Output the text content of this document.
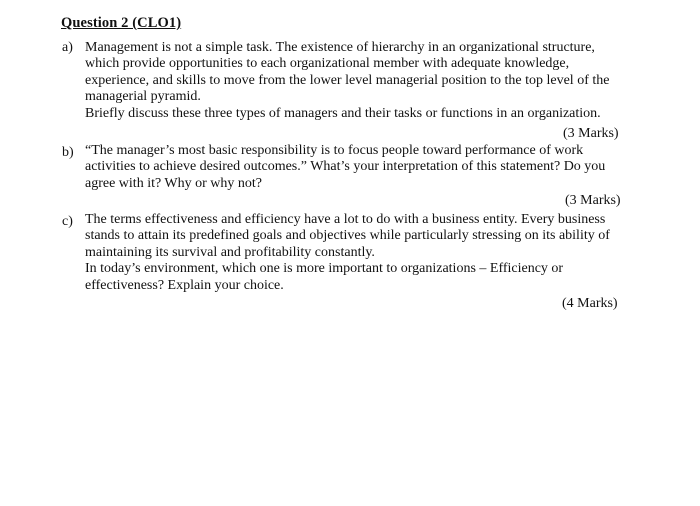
Question 2 (CLO1)
a) Management is not a simple task. The existence of hierarchy in an organizational structure, which provide opportunities to each organizational member with adequate knowledge, experience, and skills to move from the lower level managerial position to the top level of the managerial pyramid.

Briefly discuss these three types of managers and their tasks or functions in an organization.

(3 Marks)
b) “The manager’s most basic responsibility is to focus people toward performance of work activities to achieve desired outcomes.” What’s your interpretation of this statement? Do you agree with it? Why or why not?

(3 Marks)
c) The terms effectiveness and efficiency have a lot to do with a business entity. Every business stands to attain its predefined goals and objectives while particularly stressing on its ability of maintaining its survival and profitability constantly.

In today’s environment, which one is more important to organizations – Efficiency or effectiveness? Explain your choice.

(4 Marks)
